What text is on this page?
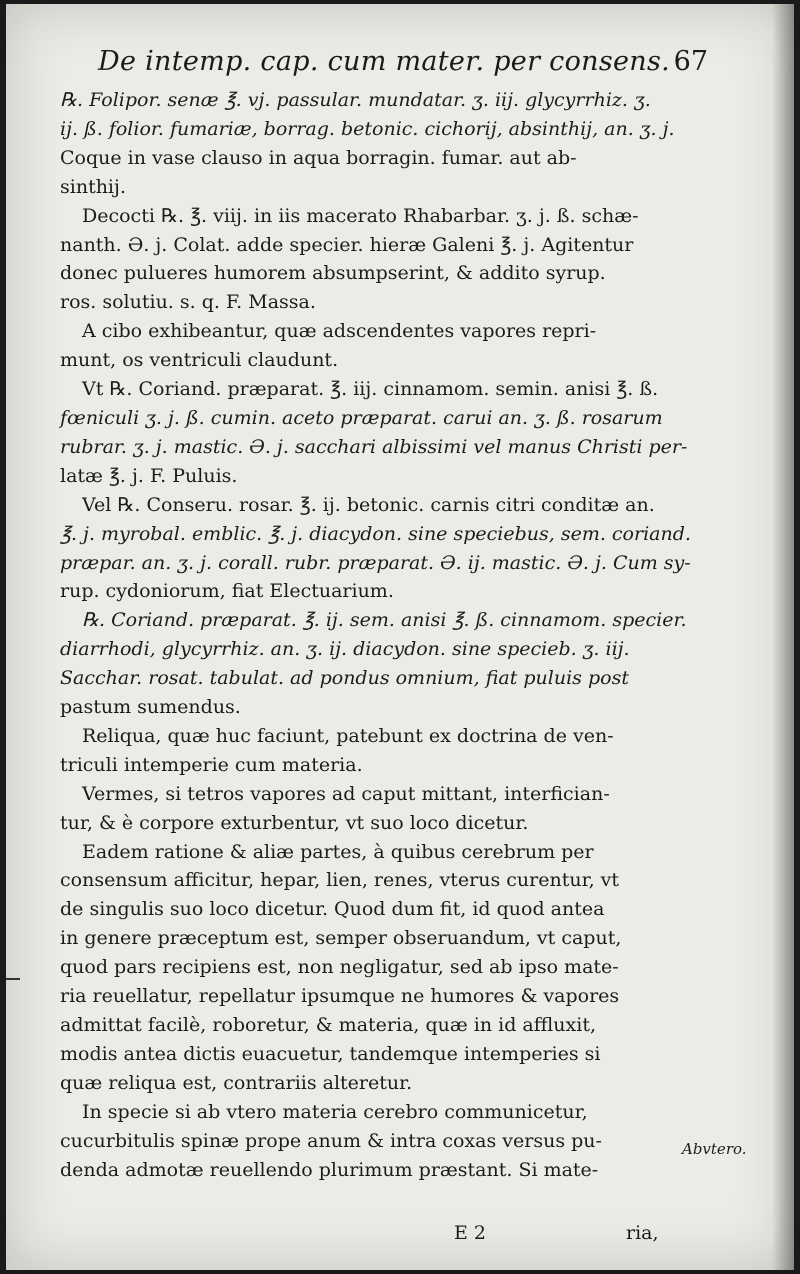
De intemp. cap. cum mater. per consens. 67
℞. Folipor. senæ ℥. vj. passular. mundatar. ʒ. iij. glycyrrhiz. ʒ.
ij. ß. folior. fumariæ, borrag. betonic. cichorij, absinthij, an. ʒ. j.
Coque in vase clauso in aqua borragin. fumar. aut ab-
sinthij.
Decocti ℞. ℥. viij. in iis macerato Rhabarbar. ʒ. j. ß. schæ-
nanth. Ə. j. Colat. adde specier. hieræ Galeni ℥. j. Agitentur
donec pulueres humorem absumpserint, & addito syrup.
ros. solutiu. s. q. F. Massa.
A cibo exhibeantur, quæ adscendentes vapores repri-
munt, os ventriculi claudunt.
Vt ℞. Coriand. præparat. ℥. iij. cinnamom. semin. anisi ℥. ß.
fœniculi ʒ. j. ß. cumin. aceto præparat. carui an. ʒ. ß. rosarum
rubrar. ʒ. j. mastic. Ə. j. sacchari albissimi vel manus Christi per-
latæ ℥. j. F. Puluis.
Vel ℞. Conseru. rosar. ℥. ij. betonic. carnis citri conditæ an.
℥. j. myrobal. emblic. ℥. j. diacydon. sine speciebus, sem. coriand.
præpar. an. ʒ. j. corall. rubr. præparat. Ə. ij. mastic. Ə. j. Cum sy-
rup. cydoniorum, fiat Electuarium.
℞. Coriand. præparat. ℥. ij. sem. anisi ℥. ß. cinnamom. specier.
diarrhodi, glycyrrhiz. an. ʒ. ij. diacydon. sine specieb. ʒ. iij.
Sacchar. rosat. tabulat. ad pondus omnium, fiat puluis post
pastum sumendus.
Reliqua, quæ huc faciunt, patebunt ex doctrina de ven-
triculi intemperie cum materia.
Vermes, si tetros vapores ad caput mittant, interfician-
tur, & è corpore exturbentur, vt suo loco dicetur.
Eadem ratione & aliæ partes, à quibus cerebrum per
consensum afficitur, hepar, lien, renes, vterus curentur, vt
de singulis suo loco dicetur. Quod dum fit, id quod antea
in genere præceptum est, semper obseruandum, vt caput,
quod pars recipiens est, non negligatur, sed ab ipso mate-
ria reuellatur, repellatur ipsumque ne humores & vapores
admittat facilè, roboretur, & materia, quæ in id affluxit,
modis antea dictis euacuetur, tandemque intemperies si
quæ reliqua est, contrariis alteretur.
In specie si ab vtero materia cerebro communicetur,
cucurbitulis spinæ prope anum & intra coxas versus pu-
denda admotæ reuellendo plurimum præstant. Si mate-
Abvtero.
E 2	ria,
